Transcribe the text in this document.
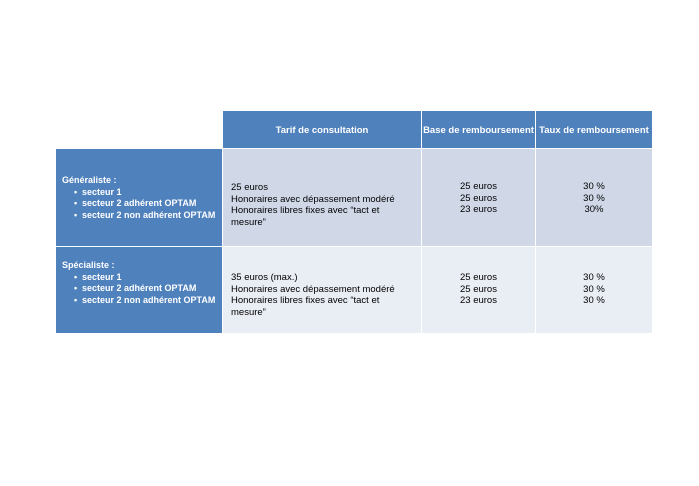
Tarif de consultation	Base de remboursement Taux de remboursement
Généraliste :
• secteur 1
• secteur 2 adhérent OPTAM
• secteur 2 non adhérent OPTAM
25 euros
Honoraires avec dépassement modéré
Honoraires libres fixes avec “tact et mesure”
25 euros
25 euros
23 euros
30 %
30 %
30%
Spécialiste :
• secteur 1
• secteur 2 adhérent OPTAM
• secteur 2 non adhérent OPTAM
35 euros (max.)
Honoraires avec dépassement modéré
Honoraires libres fixes avec “tact et mesure”
25 euros
25 euros
23 euros
30 %
30 %
30 %
